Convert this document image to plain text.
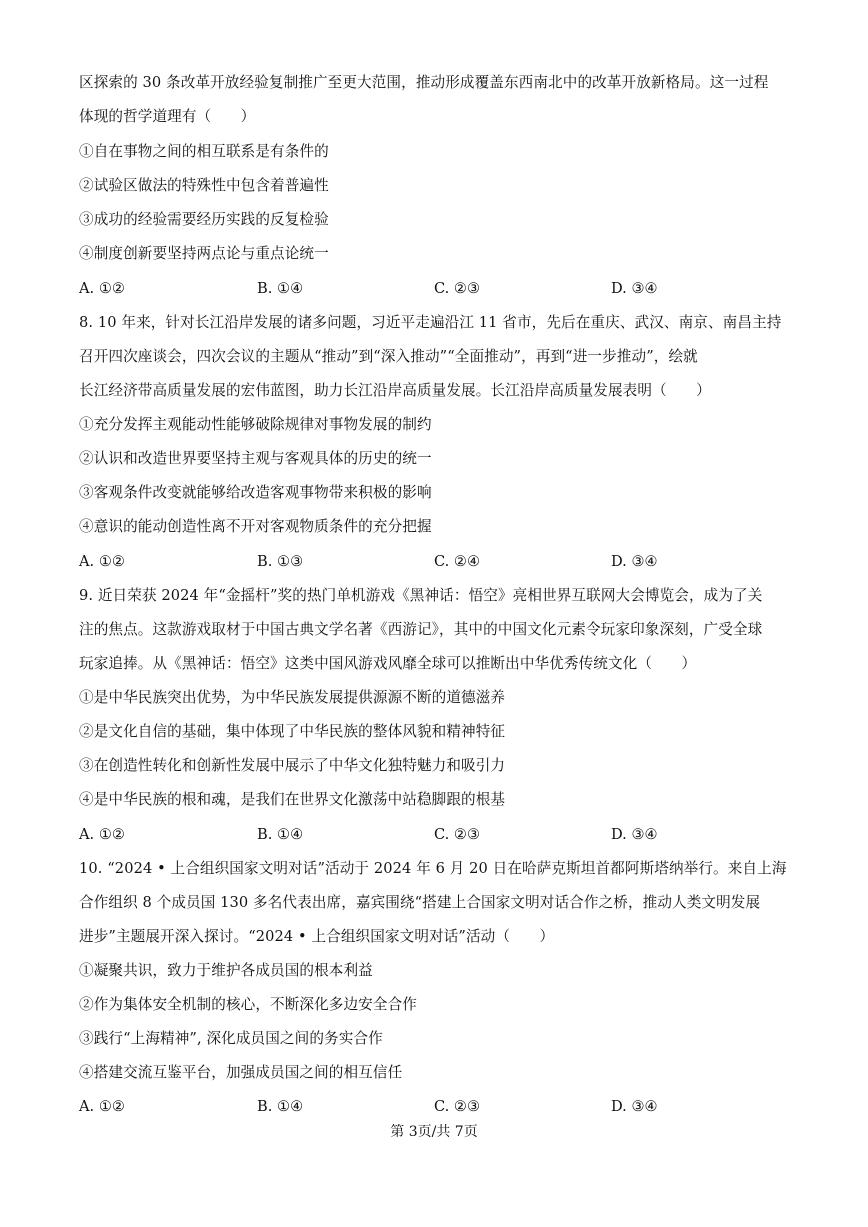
区探索的 30 条改革开放经验复制推广至更大范围，推动形成覆盖东西南北中的改革开放新格局。这一过程
体现的哲学道理有（　　）
①自在事物之间的相互联系是有条件的
②试验区做法的特殊性中包含着普遍性
③成功的经验需要经历实践的反复检验
④制度创新要坚持两点论与重点论统一
A. ①②	B. ①④	C. ②③	D. ③④
8. 10 年来，针对长江沿岸发展的诸多问题，习近平走遍沿江 11 省市，先后在重庆、武汉、南京、南昌主持
召开四次座谈会，四次会议的主题从“推动”到“深入推动”“全面推动”，再到“进一步推动”，绘就
长江经济带高质量发展的宏伟蓝图，助力长江沿岸高质量发展。长江沿岸高质量发展表明（　　）
①充分发挥主观能动性能够破除规律对事物发展的制约
②认识和改造世界要坚持主观与客观具体的历史的统一
③客观条件改变就能够给改造客观事物带来积极的影响
④意识的能动创造性离不开对客观物质条件的充分把握
A. ①②	B. ①③	C. ②④	D. ③④
9. 近日荣获 2024 年“金摇杆”奖的热门单机游戏《黑神话：悟空》亮相世界互联网大会博览会，成为了关
注的焦点。这款游戏取材于中国古典文学名著《西游记》，其中的中国文化元素令玩家印象深刻，广受全球
玩家追捧。从《黑神话：悟空》这类中国风游戏风靡全球可以推断出中华优秀传统文化（　　）
①是中华民族突出优势，为中华民族发展提供源源不断的道德滋养
②是文化自信的基础，集中体现了中华民族的整体风貌和精神特征
③在创造性转化和创新性发展中展示了中华文化独特魅力和吸引力
④是中华民族的根和魂，是我们在世界文化激荡中站稳脚跟的根基
A. ①②	B. ①④	C. ②③	D. ③④
10. “2024 • 上合组织国家文明对话”活动于 2024 年 6 月 20 日在哈萨克斯坦首都阿斯塔纳举行。来自上海
合作组织 8 个成员国 130 多名代表出席，嘉宾围绕“搭建上合国家文明对话合作之桥，推动人类文明发展
进步”主题展开深入探讨。“2024 • 上合组织国家文明对话”活动（　　）
①凝聚共识，致力于维护各成员国的根本利益
②作为集体安全机制的核心，不断深化多边安全合作
③践行“上海精神”, 深化成员国之间的务实合作
④搭建交流互鉴平台，加强成员国之间的相互信任
A. ①②	B. ①④	C. ②③	D. ③④
第 3页/共 7页
